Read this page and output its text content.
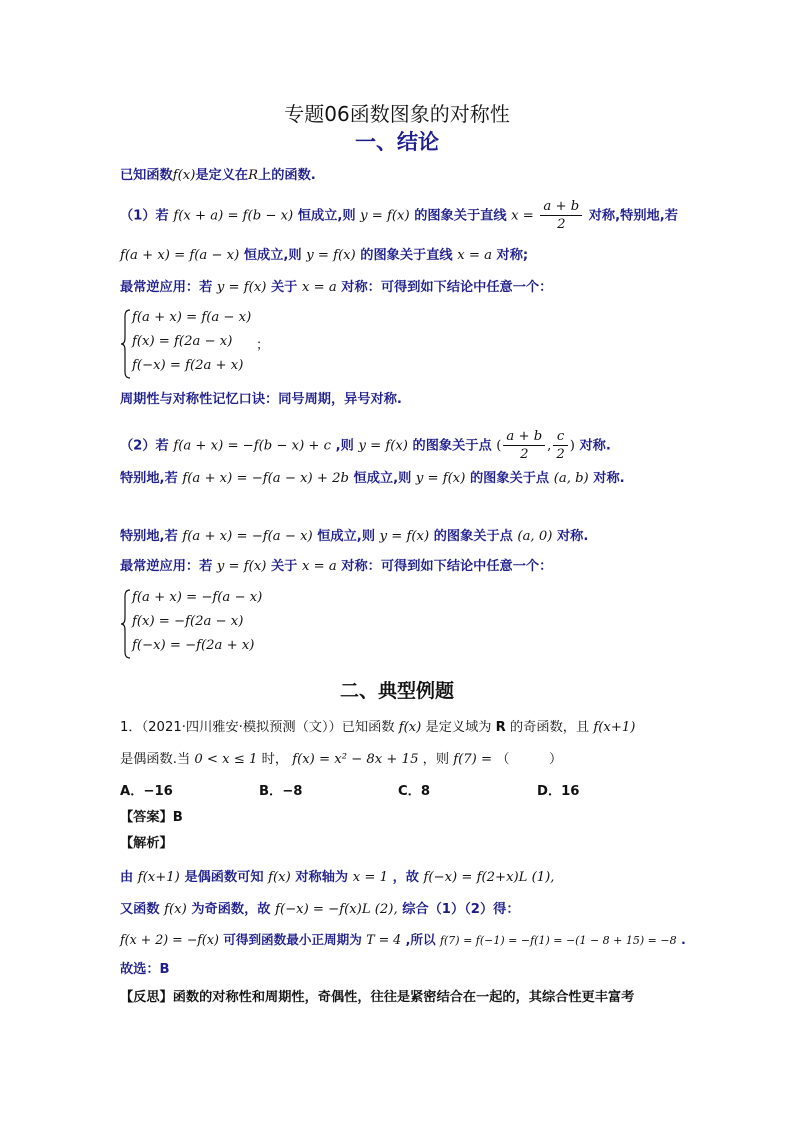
专题06函数图象的对称性
一、结论
已知函数f(x)是定义在R上的函数.
（1）若 f(x + a) = f(b − x) 恒成立,则 y = f(x) 的图象关于直线 $x = \frac{a + b}{2}$ 对称,特别地,若
f(a + x) = f(a − x) 恒成立,则 y = f(x) 的图象关于直线 x = a 对称;
最常逆应用：若 y = f(x) 关于 x = a 对称：可得到如下结论中任意一个：
f(a + x) = f(a − x)
f(x) = f(2a − x)
f(−x) = f(2a + x)
；
周期性与对称性记忆口诀：同号周期，异号对称.
（2）若 f(a + x) = −f(b − x) + c ,则 y = f(x) 的图象关于点 ( $\frac{a + b}{2}$ , $\frac{c}{2}$ ) 对称.
特别地,若 f(a + x) = −f(a − x) + 2b 恒成立,则 y = f(x) 的图象关于点 (a, b) 对称.
特别地,若 f(a + x) = −f(a − x) 恒成立,则 y = f(x) 的图象关于点 (a, 0) 对称.
最常逆应用：若 y = f(x) 关于 x = a 对称：可得到如下结论中任意一个：
f(a + x) = −f(a − x)
f(x) = −f(2a − x)
f(−x) = −f(2a + x)
二、典型例题
1．（2021·四川雅安·模拟预测（文））已知函数 f(x) 是定义域为 R 的奇函数，且 f(x+1)
是偶函数.当 0 < x ≤ 1 时， f(x) = x² − 8x + 15 ，则 f(7) = （　　　）
A．−16	B．−8	C．8	D．16
【答案】B
【解析】
由 f(x+1) 是偶函数可知 f(x) 对称轴为 x = 1 ，故 f(−x) = f(2+x)L (1),
又函数 f(x) 为奇函数，故 f(−x) = −f(x)L (2), 综合（1）（2）得：
f(x + 2) = −f(x) 可得到函数最小正周期为 T = 4 ,所以 f(7) = f(−1) = −f(1) = −(1 − 8 + 15) = −8 .
故选：B
【反思】函数的对称性和周期性，奇偶性，往往是紧密结合在一起的，其综合性更丰富考
